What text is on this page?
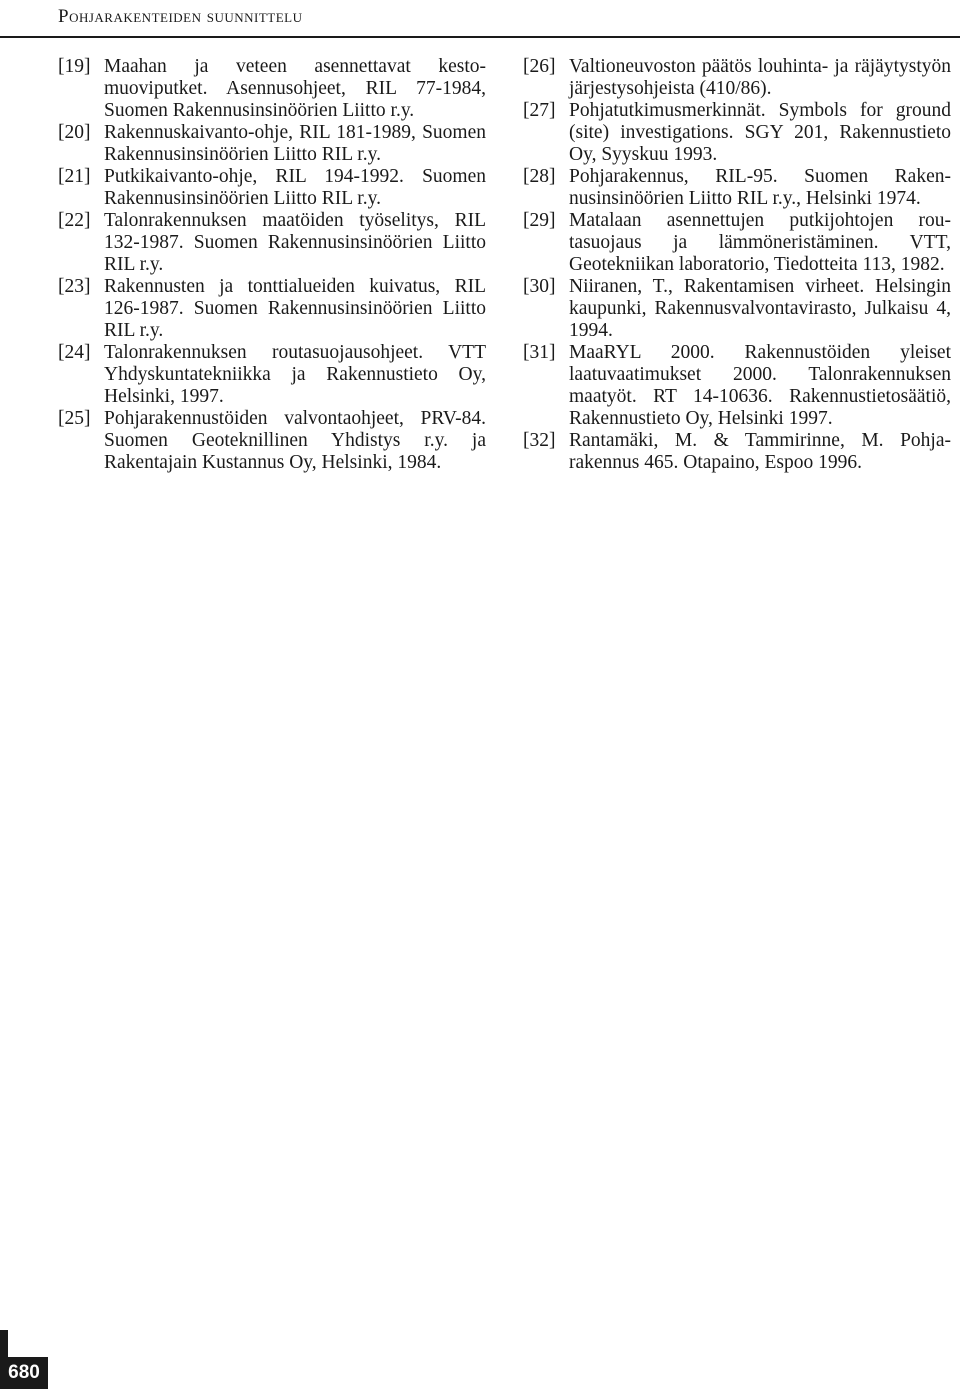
Pohjarakenteiden suunnittelu
[19] Maahan ja veteen asennettavat kestomuoviputket. Asennusohjeet, RIL 77-1984, Suomen Rakennusinsinöörien Liitto r.y.
[20] Rakennuskaivanto-ohje, RIL 181-1989, Suomen Rakennusinsinöörien Liitto RIL r.y.
[21] Putkikaivanto-ohje, RIL 194-1992. Suomen Rakennusinsinöörien Liitto RIL r.y.
[22] Talonrakennuksen maatöiden työselitys, RIL 132-1987. Suomen Rakennusinsinöörien Liitto RIL r.y.
[23] Rakennusten ja tonttialueiden kuivatus, RIL 126-1987. Suomen Rakennusinsinöörien Liitto RIL r.y.
[24] Talonrakennuksen routasuojausohjeet. VTT Yhdyskuntatekniikka ja Rakennustieto Oy, Helsinki, 1997.
[25] Pohjarakennustöiden valvontaohjeet, PRV-84. Suomen Geoteknillinen Yhdistys r.y. ja Rakentajain Kustannus Oy, Helsinki, 1984.
[26] Valtioneuvoston päätös louhinta- ja räjäytystyön järjestysohjeista (410/86).
[27] Pohjatutkimusmerkinnät. Symbols for ground (site) investigations. SGY 201, Rakennustieto Oy, Syyskuu 1993.
[28] Pohjarakennus, RIL-95. Suomen Rakennusinsinöörien Liitto RIL r.y., Helsinki 1974.
[29] Matalaan asennettujen putkijohtojen routasuojaus ja lämmöneristäminen. VTT, Geotekniikan laboratorio, Tiedotteita 113, 1982.
[30] Niiranen, T., Rakentamisen virheet. Helsingin kaupunki, Rakennusvalvontavirasto, Julkaisu 4, 1994.
[31] MaaRYL 2000. Rakennustöiden yleiset laatuvaatimukset 2000. Talonrakennuksen maatyöt. RT 14-10636. Rakennustietosäätiö, Rakennustieto Oy, Helsinki 1997.
[32] Rantamäki, M. & Tammirinne, M. Pohjarakennus 465. Otapaino, Espoo 1996.
680
